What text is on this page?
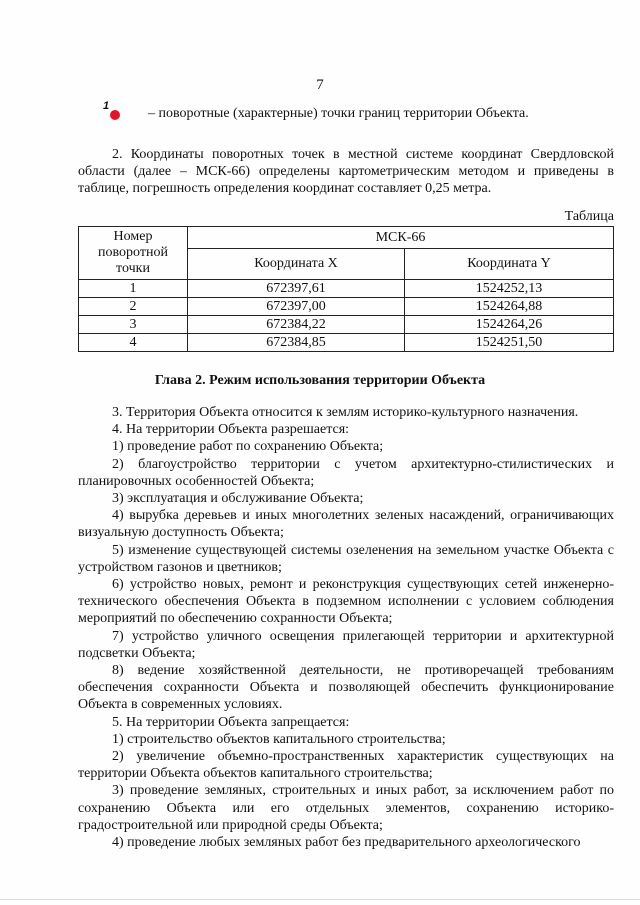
7
1	– поворотные (характерные) точки границ территории Объекта.
2. Координаты поворотных точек в местной системе координат Свердловской области (далее – МСК-66) определены картометрическим методом и приведены в таблице, погрешность определения координат составляет 0,25 метра.
Таблица
Номер поворотной точки	МСК-66	
	Координата X	Координата Y
1	672397,61	1524252,13
2	672397,00	1524264,88
3	672384,22	1524264,26
4	672384,85	1524251,50
Глава 2. Режим использования территории Объекта

3. Территория Объекта относится к землям историко-культурного назначения.

4. На территории Объекта разрешается:

1) проведение работ по сохранению Объекта;

2) благоустройство территории с учетом архитектурно-стилистических и планировочных особенностей Объекта;

3) эксплуатация и обслуживание Объекта;

4) вырубка деревьев и иных многолетних зеленых насаждений, ограничивающих визуальную доступность Объекта;

5) изменение существующей системы озеленения на земельном участке Объекта с устройством газонов и цветников;

6) устройство новых, ремонт и реконструкция существующих сетей инженерно-технического обеспечения Объекта в подземном исполнении с условием соблюдения мероприятий по обеспечению сохранности Объекта;

7) устройство уличного освещения прилегающей территории и архитектурной подсветки Объекта;

8) ведение хозяйственной деятельности, не противоречащей требованиям обеспечения сохранности Объекта и позволяющей обеспечить функционирование Объекта в современных условиях.

5. На территории Объекта запрещается:

1) строительство объектов капитального строительства;

2) увеличение объемно-пространственных характеристик существующих на территории Объекта объектов капитального строительства;

3) проведение земляных, строительных и иных работ, за исключением работ по сохранению Объекта или его отдельных элементов, сохранению историко-градостроительной или природной среды Объекта;

4) проведение любых земляных работ без предварительного археологического
